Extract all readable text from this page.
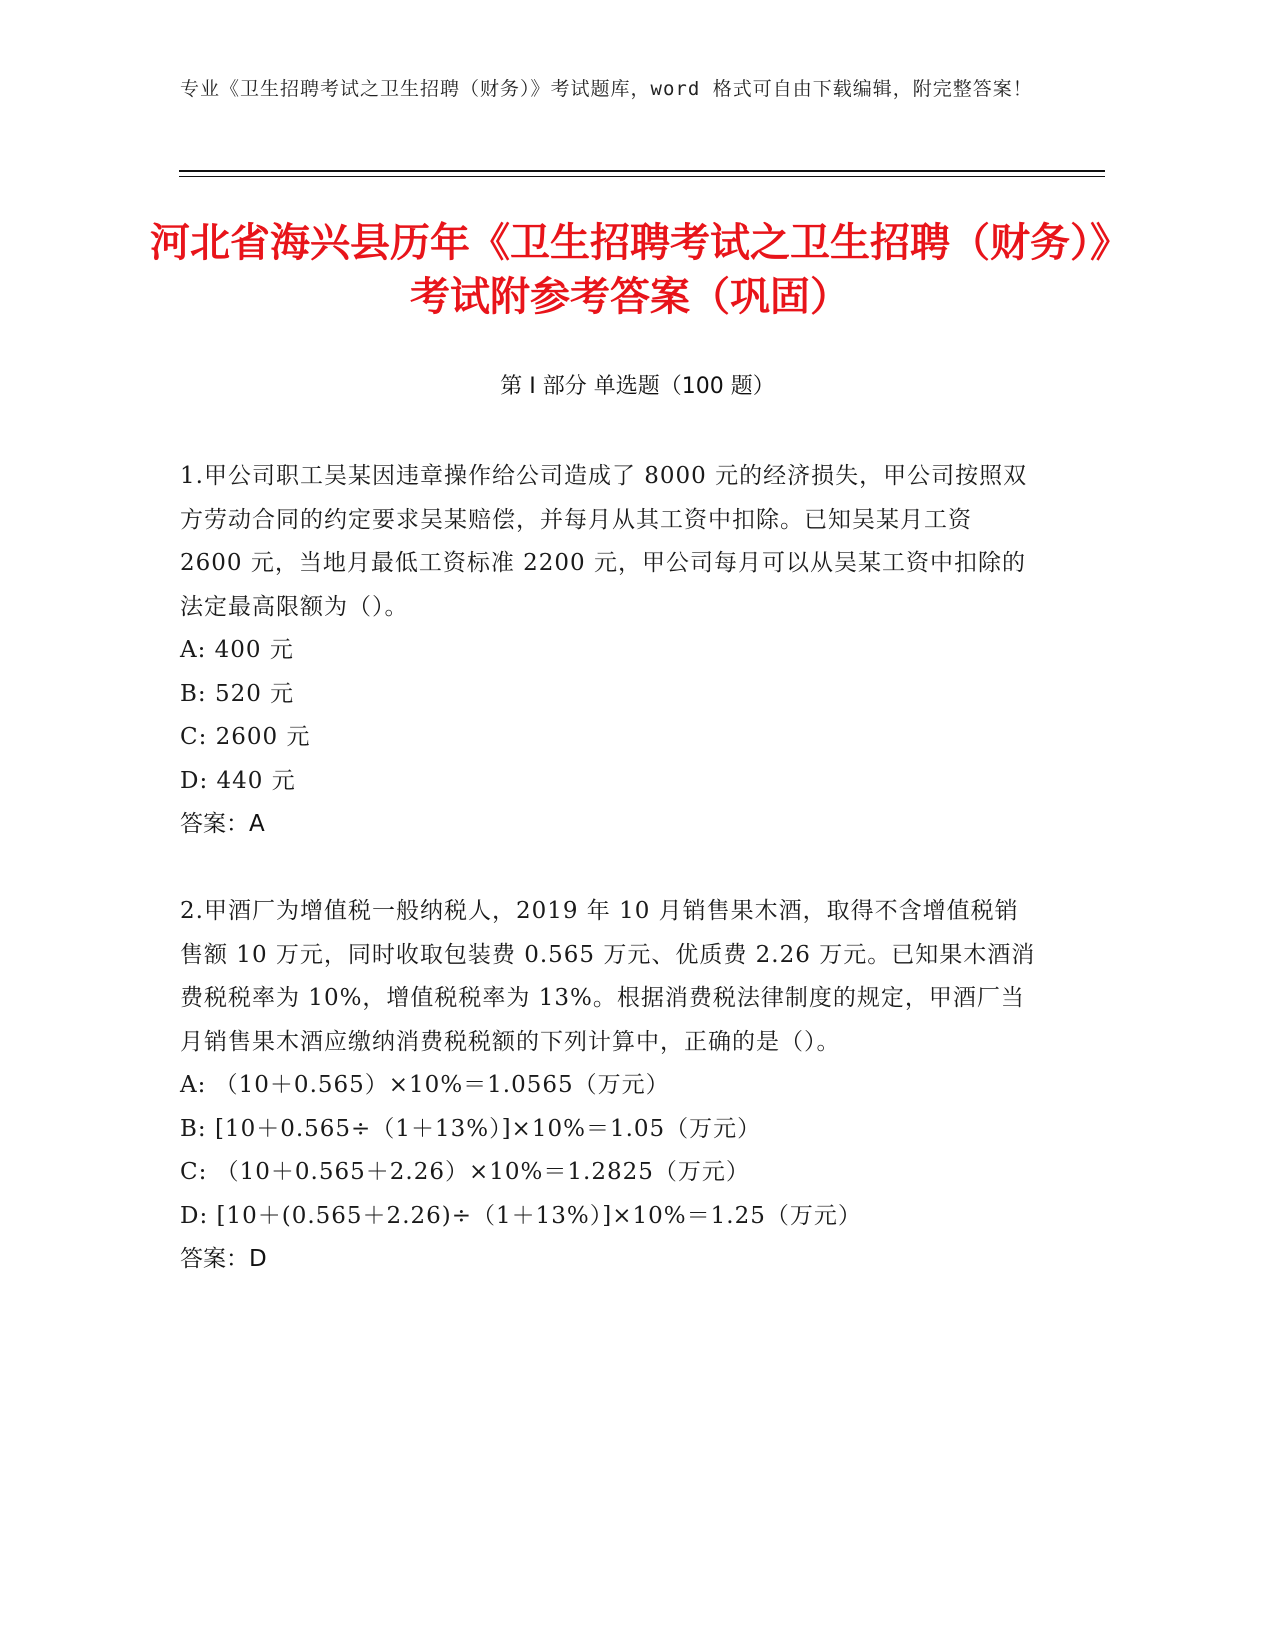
专业《卫生招聘考试之卫生招聘（财务）》考试题库，word 格式可自由下载编辑，附完整答案！
河北省海兴县历年《卫生招聘考试之卫生招聘（财务）》考试附参考答案（巩固）
第 I 部分 单选题（100 题）

1.甲公司职工吴某因违章操作给公司造成了 8000 元的经济损失，甲公司按照双方劳动合同的约定要求吴某赔偿，并每月从其工资中扣除。已知吴某月工资 2600 元，当地月最低工资标准 2200 元，甲公司每月可以从吴某工资中扣除的法定最高限额为（）。

A: 400 元

B: 520 元

C: 2600 元

D: 440 元

答案：A

2.甲酒厂为增值税一般纳税人，2019 年 10 月销售果木酒，取得不含增值税销售额 10 万元，同时收取包装费 0.565 万元、优质费 2.26 万元。已知果木酒消费税税率为 10%，增值税税率为 13%。根据消费税法律制度的规定，甲酒厂当月销售果木酒应缴纳消费税税额的下列计算中，正确的是（）。

A: （10＋0.565）×10%＝1.0565（万元）

B: [10＋0.565÷（1＋13%）]×10%＝1.05（万元）

C: （10＋0.565＋2.26）×10%＝1.2825（万元）

D: [10＋(0.565＋2.26)÷（1＋13%）]×10%＝1.25（万元）

答案：D
